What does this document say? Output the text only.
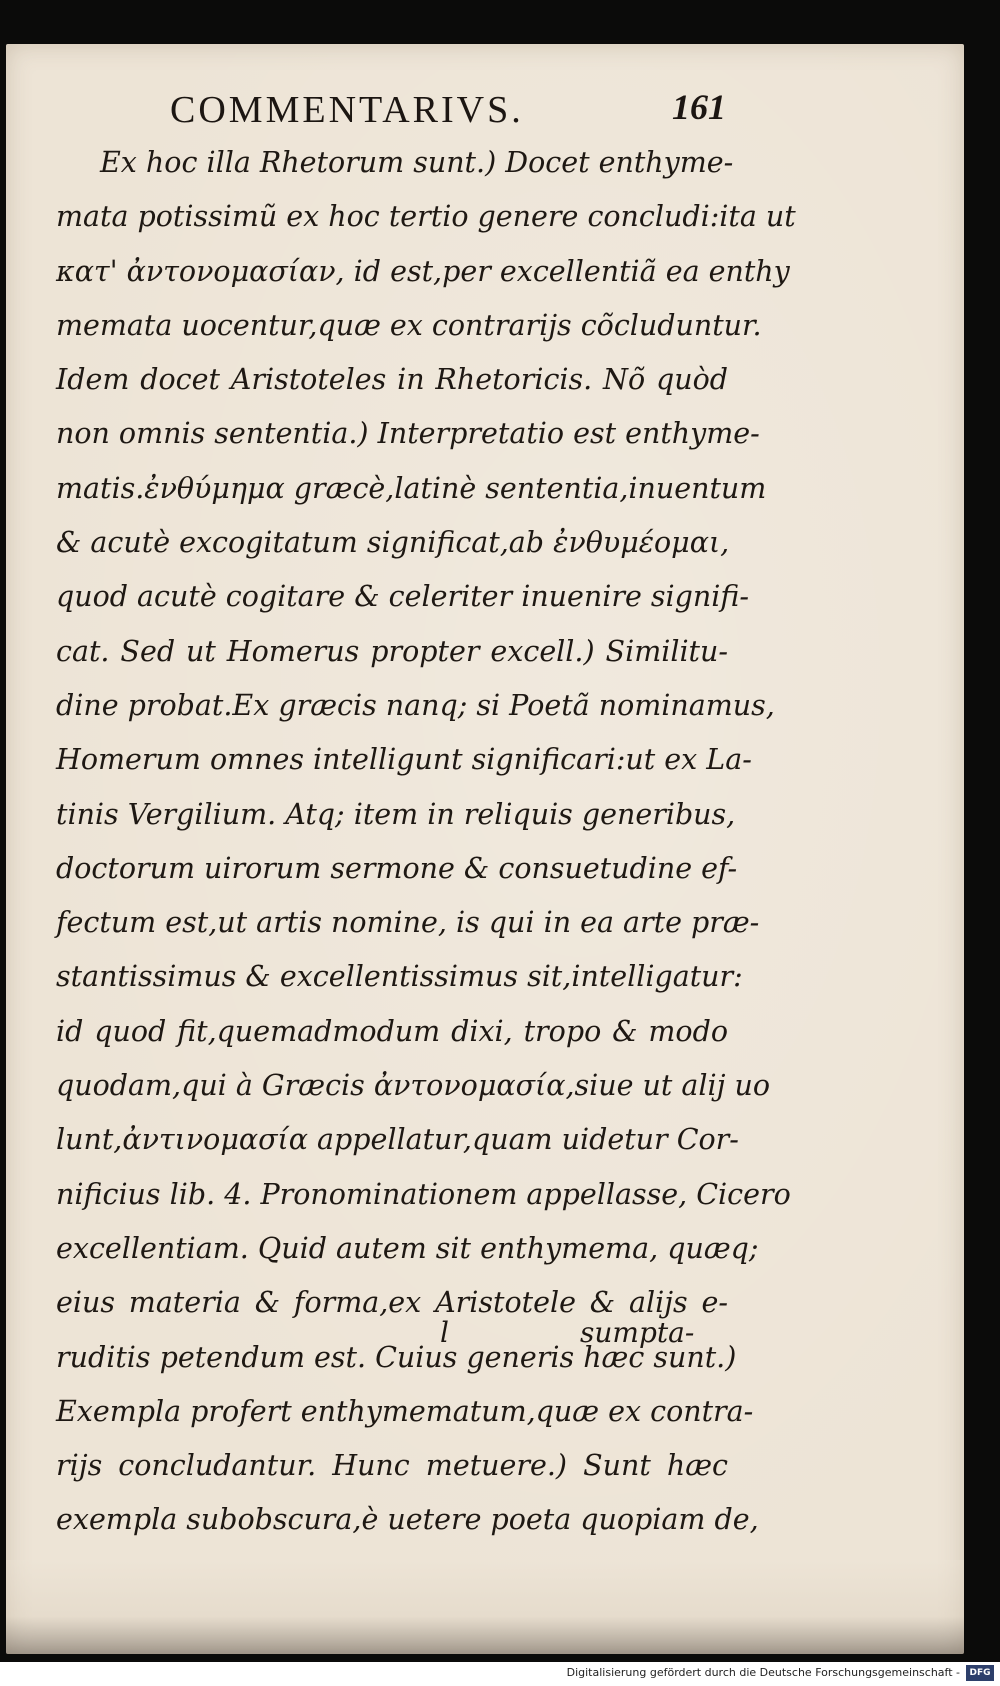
COMMENTARIVS.	161
Ex hoc illa Rhetorum sunt.) Docet enthyme-
mata potissimũ ex hoc tertio genere concludi:ita ut
κατ' ἀντονομασίαν, id est,per excellentiã ea enthy
memata uocentur,quæ ex contrarijs cõcluduntur.
Idem docet Aristoteles in Rhetoricis. Nõ quòd
non omnis sententia.) Interpretatio est enthyme-
matis.ἐνθύμημα græcè,latinè sententia,inuentum
& acutè excogitatum significat,ab ἐνθυμέομαι,
quod acutè cogitare & celeriter inuenire signifi-
cat. Sed ut Homerus propter excell.) Similitu-
dine probat.Ex græcis nanq; si Poetã nominamus,
Homerum omnes intelligunt significari:ut ex La-
tinis Vergilium. Atq; item in reliquis generibus,
doctorum uirorum sermone & consuetudine ef-
fectum est,ut artis nomine, is qui in ea arte præ-
stantissimus & excellentissimus sit,intelligatur:
id quod fit,quemadmodum dixi, tropo & modo
quodam,qui à Græcis ἀντονομασία,siue ut alij uo
lunt,ἀντινομασία appellatur,quam uidetur Cor-
nificius lib. 4. Pronominationem appellasse, Cicero
excellentiam. Quid autem sit enthymema, quæq;
eius materia & forma,ex Aristotele & alijs e-
ruditis petendum est. Cuius generis hæc sunt.)
Exempla profert enthymematum,quæ ex contra-
rijs concludantur. Hunc metuere.) Sunt hæc
exempla subobscura,è uetere poeta quopiam de,
l	sumpta-
Digitalisierung gefördert durch die Deutsche Forschungsgemeinschaft -	DFG
